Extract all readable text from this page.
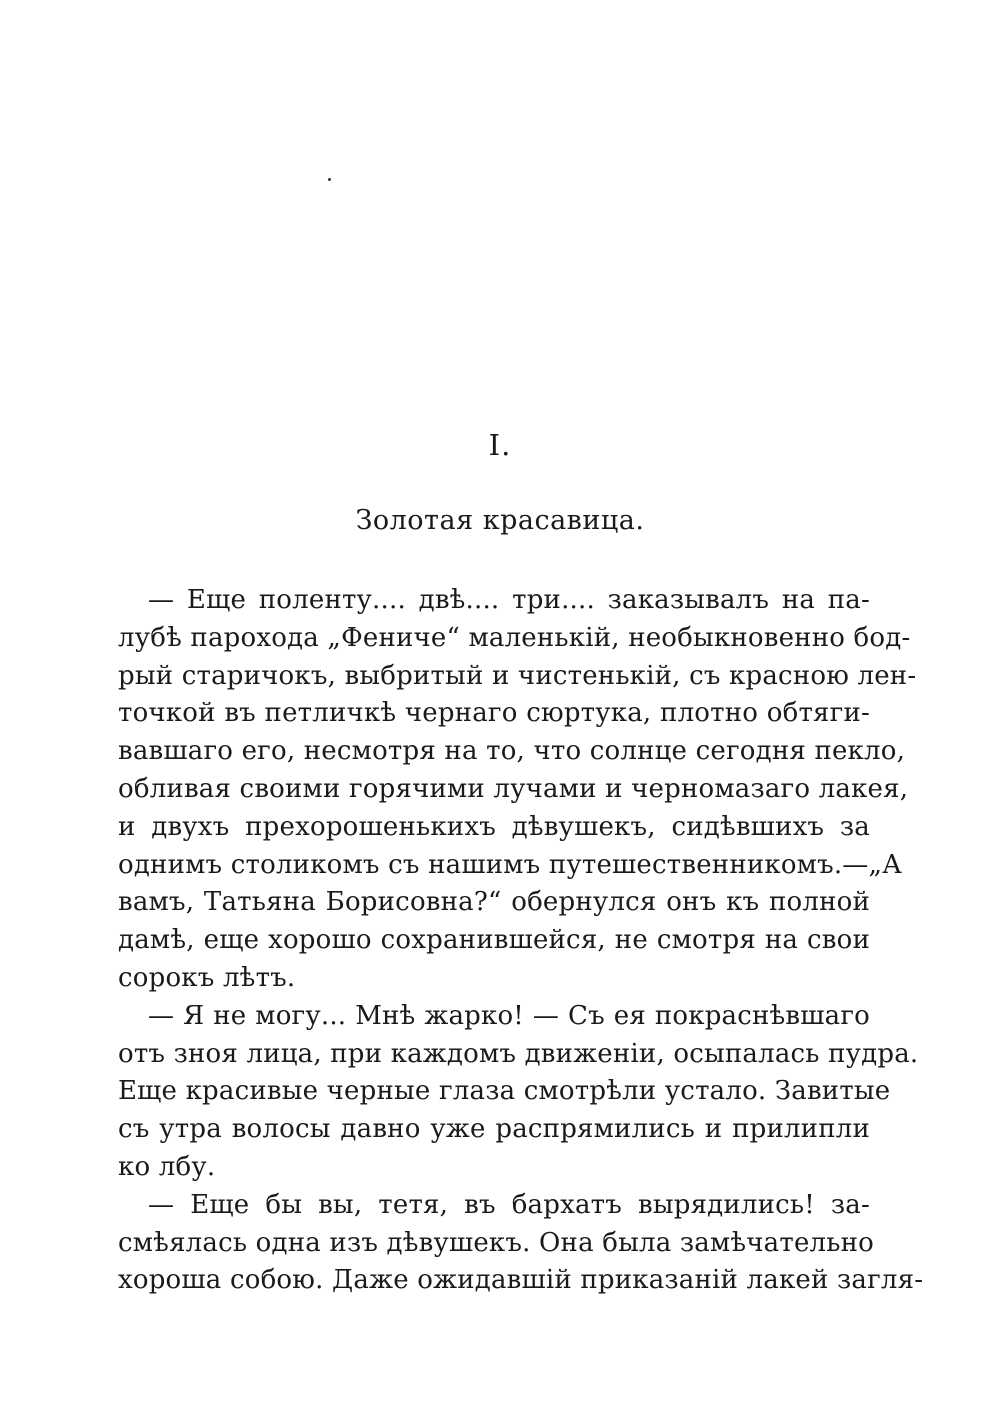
I.
Золотая красавица.
— Еще поленту.... двѣ.... три.... заказывалъ на па-
лубѣ парохода „Фениче“ маленькій, необыкновенно бод-
рый старичокъ, выбритый и чистенькій, съ красною лен-
точкой въ петличкѣ чернаго сюртука, плотно обтяги-
вавшаго его, несмотря на то, что солнце сегодня пекло,
обливая своими горячими лучами и черномазаго лакея,
и двухъ прехорошенькихъ дѣвушекъ, сидѣвшихъ за
однимъ столикомъ съ нашимъ путешественникомъ.—„А
вамъ, Татьяна Борисовна?“ обернулся онъ къ полной
дамѣ, еще хорошо сохранившейся, не смотря на свои
сорокъ лѣтъ.
— Я не могу... Мнѣ жарко! — Съ ея покраснѣвшаго
отъ зноя лица, при каждомъ движеніи, осыпалась пудра.
Еще красивые черные глаза смотрѣли устало. Завитые
съ утра волосы давно уже распрямились и прилипли
ко лбу.
— Еще бы вы, тетя, въ бархатъ вырядились! за-
смѣялась одна изъ дѣвушекъ. Она была замѣчательно
хороша собою. Даже ожидавшій приказаній лакей загля-
